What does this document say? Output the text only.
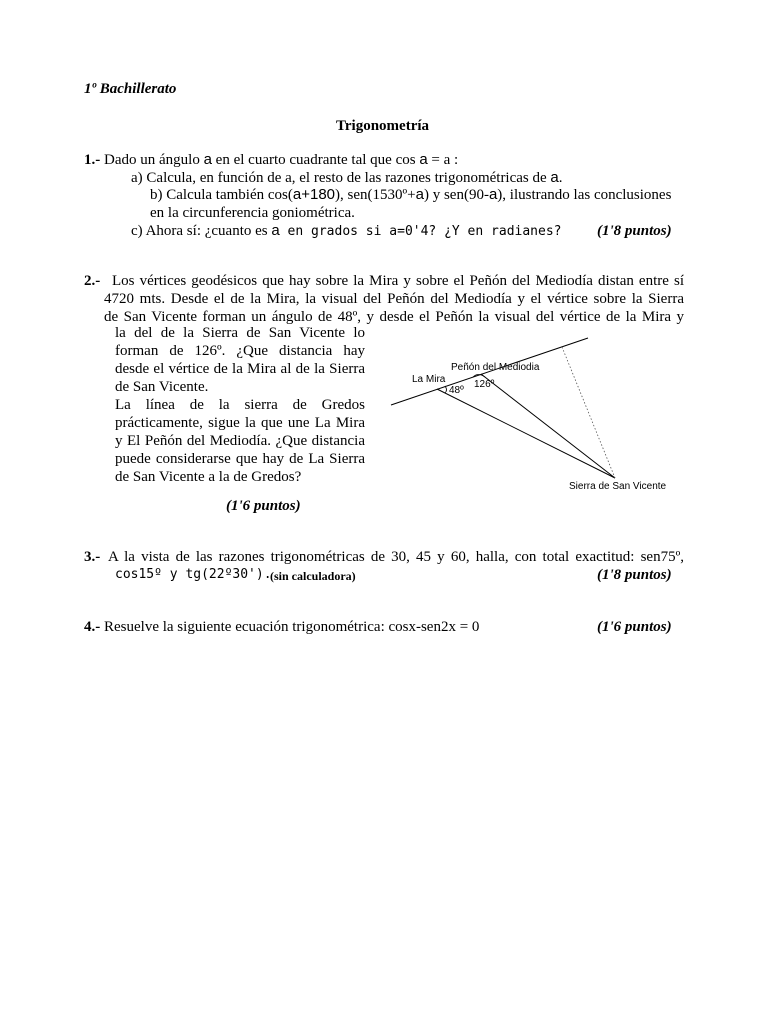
1º Bachillerato
Trigonometría
1.- Dado un ángulo a en el cuarto cuadrante tal que cos a = a :
a) Calcula, en función de a, el resto de las razones trigonométricas de a.
b) Calcula también cos(a+180), sen(1530º+a) y sen(90-a), ilustrando las conclusiones
en la circunferencia goniométrica.
c) Ahora sí: ¿cuanto es a en grados si a=0'4? ¿Y en radianes? (1'8 puntos)
2.- Los vértices geodésicos que hay sobre la Mira y sobre el Peñón del Mediodía distan entre sí
4720 mts. Desde el de la Mira, la visual del Peñón del Mediodía y el vértice sobre la Sierra
de San Vicente forman un ángulo de 48º, y desde el Peñón la visual del vértice de la Mira y
la del de la Sierra de San Vicente lo
forman de 126º. ¿Que distancia hay
desde el vértice de la Mira al de la Sierra
de San Vicente.
La línea de la sierra de Gredos
prácticamente, sigue la que une La Mira
y El Peñón del Mediodía. ¿Que distancia
puede considerarse que hay de La Sierra
de San Vicente a la de Gredos?
(1'6 puntos)
Peñón del Mediodia
La Mira
48º
126º
Sierra de San Vicente
3.- A la vista de las razones trigonométricas de 30, 45 y 60, halla, con total exactitud: sen75º,
cos15º y tg(22º30').
(sin calculadora)	(1'8 puntos)
4.- Resuelve la siguiente ecuación trigonométrica: cosx-sen2x = 0	(1'6 puntos)
